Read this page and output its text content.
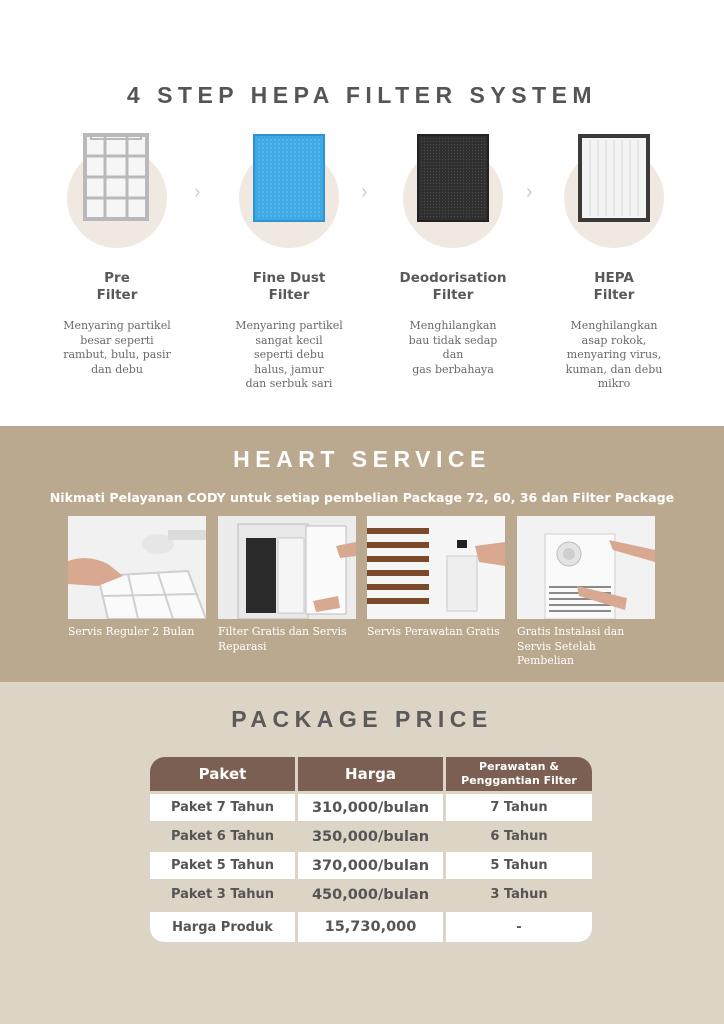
4 STEP HEPA FILTER SYSTEM
Pre
Filter
Menyaring partikel
besar seperti
rambut, bulu, pasir
dan debu
›
Fine Dust
Filter
Menyaring partikel
sangat kecil
seperti debu
halus, jamur
dan serbuk sari
›
Deodorisation
Filter
Menghilangkan
bau tidak sedap
dan
gas berbahaya
›
HEPA
Filter
Menghilangkan
asap rokok,
menyaring virus,
kuman, dan debu
mikro
HEART SERVICE

Nikmati Pelayanan CODY untuk setiap pembelian Package 72, 60, 36 dan Filter Package

Servis Reguler 2 Bulan	Filter Gratis dan Servis
Reparasi
Servis Perawatan Gratis	Gratis Instalasi dan
Servis Setelah
Pembelian
PACKAGE PRICE
Paket	Harga	Perawatan &
Penggantian Filter
Paket 7 Tahun	310,000/bulan	7 Tahun
Paket 6 Tahun	350,000/bulan	6 Tahun
Paket 5 Tahun	370,000/bulan	5 Tahun
Paket 3 Tahun	450,000/bulan	3 Tahun
Harga Produk	15,730,000	-
